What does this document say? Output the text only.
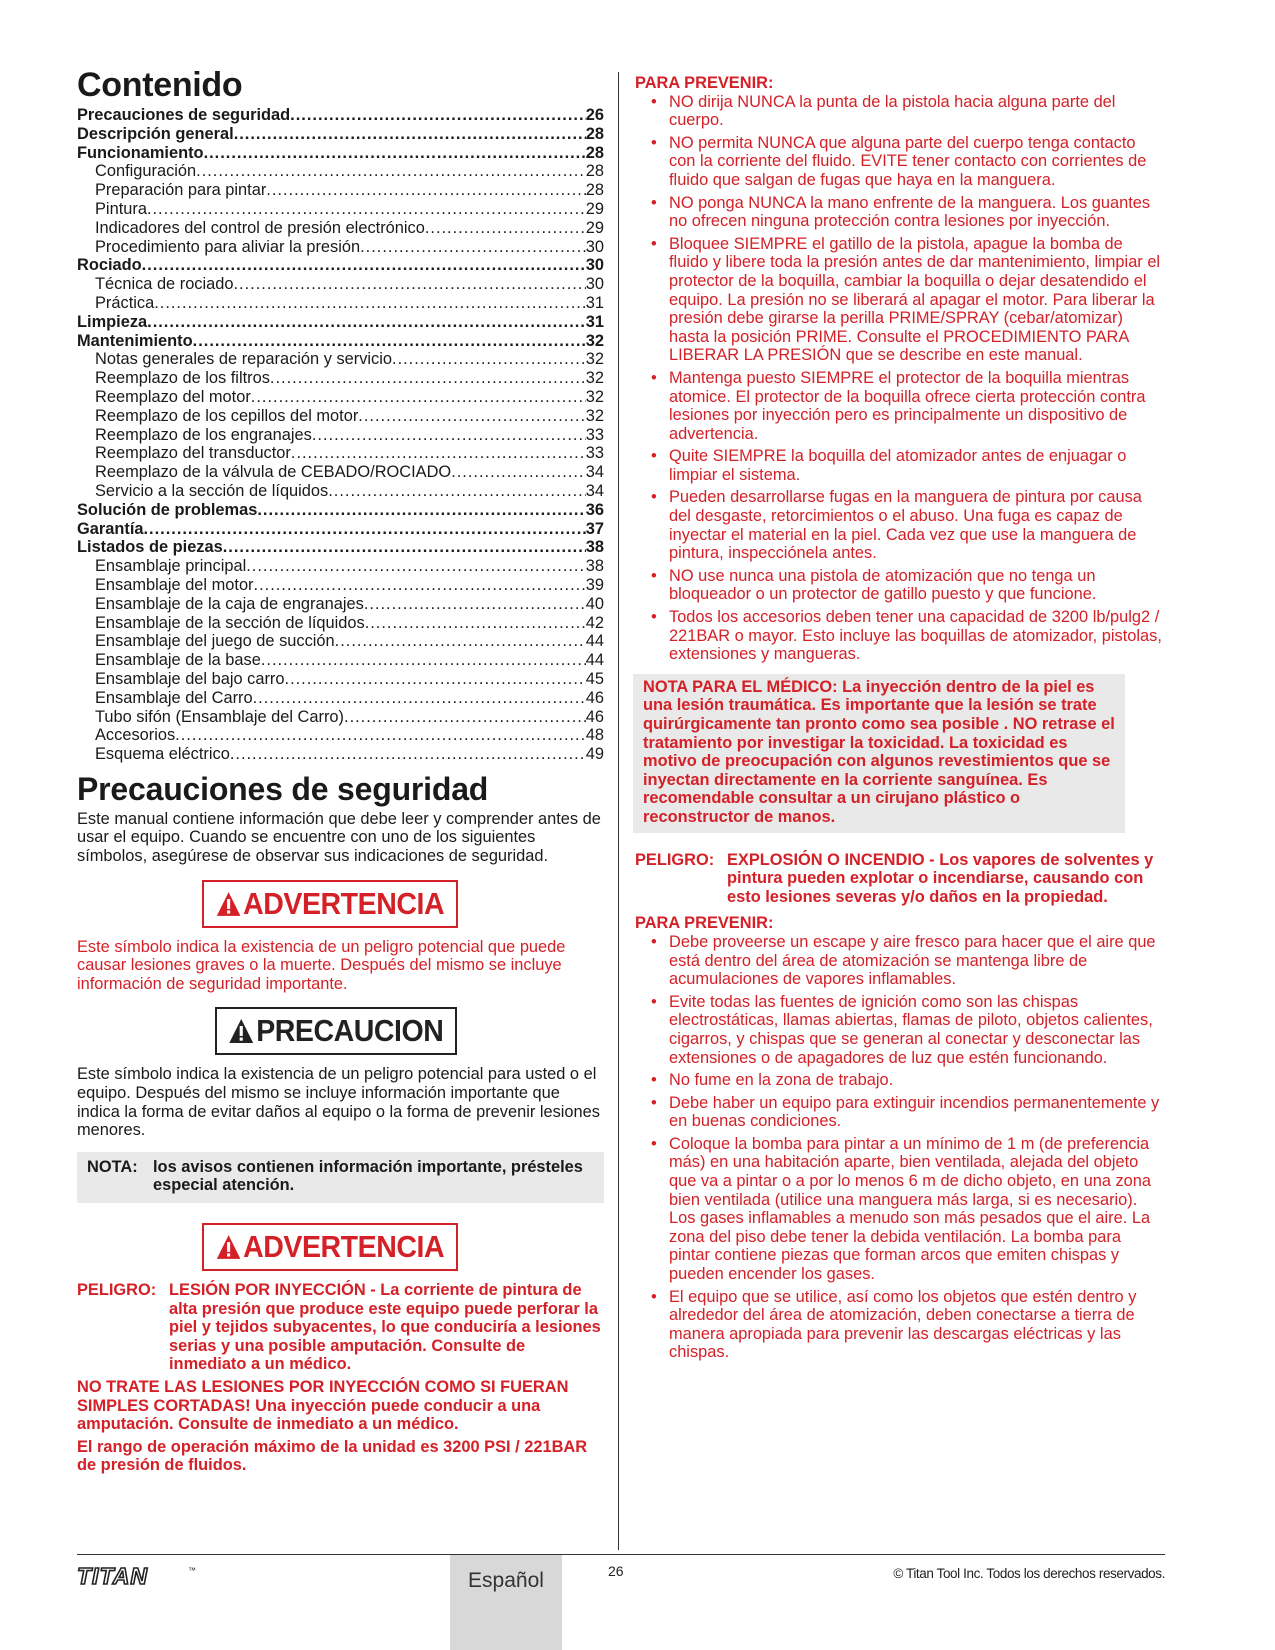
Contenido
Precauciones de seguridad .....	26
Descripción general .....	28
Funcionamiento .....	28
Configuración .....	28
Preparación para pintar .....	28
Pintura .....	29
Indicadores del control de presión electrónico .....	29
Procedimiento para aliviar la presión .....	30
Rociado .....	30
Técnica de rociado .....	30
Práctica .....	31
Limpieza .....	31
Mantenimiento .....	32
Notas generales de reparación y servicio .....	32
Reemplazo de los filtros .....	32
Reemplazo del motor .....	32
Reemplazo de los cepillos del motor .....	32
Reemplazo de los engranajes .....	33
Reemplazo del transductor .....	33
Reemplazo de la válvula de CEBADO/ROCIADO .....	34
Servicio a la sección de líquidos .....	34
Solución de problemas .....	36
Garantía .....	37
Listados de piezas .....	38
Ensamblaje principal .....	38
Ensamblaje del motor .....	39
Ensamblaje de la caja de engranajes .....	40
Ensamblaje de la sección de líquidos .....	42
Ensamblaje del juego de succión .....	44
Ensamblaje de la base .....	44
Ensamblaje del bajo carro .....	45
Ensamblaje del Carro .....	46
Tubo sifón (Ensamblaje del Carro) .....	46
Accesorios .....	48
Esquema eléctrico .....	49
Precauciones de seguridad

Este manual contiene información que debe leer y comprender antes de usar el equipo. Cuando se encuentre con uno de los siguientes símbolos, asegúrese de observar sus indicaciones de seguridad.

ADVERTENCIA

Este símbolo indica la existencia de un peligro potencial que puede causar lesiones graves o la muerte. Después del mismo se incluye información de seguridad importante.

PRECAUCION

Este símbolo indica la existencia de un peligro potencial para usted o el equipo. Después del mismo se incluye información importante que indica la forma de evitar daños al equipo o la forma de prevenir lesiones menores.

NOTA: los avisos contienen información importante, présteles especial atención.
ADVERTENCIA
PELIGRO: LESIÓN POR INYECCIÓN - La corriente de pintura de alta presión que produce este equipo puede perforar la piel y tejidos subyacentes, lo que conduciría a lesiones serias y una posible amputación. Consulte de inmediato a un médico.

NO TRATE LAS LESIONES POR INYECCIÓN COMO SI FUERAN SIMPLES CORTADAS! Una inyección puede conducir a una amputación. Consulte de inmediato a un médico.

El rango de operación máximo de la unidad es 3200 PSI / 221BAR de presión de fluidos.

PARA PREVENIR:

• NO dirija NUNCA la punta de la pistola hacia alguna parte del cuerpo.
• NO permita NUNCA que alguna parte del cuerpo tenga contacto con la corriente del fluido. EVITE tener contacto con corrientes de fluido que salgan de fugas que haya en la manguera.
• NO ponga NUNCA la mano enfrente de la manguera. Los guantes no ofrecen ninguna protección contra lesiones por inyección.
• Bloquee SIEMPRE el gatillo de la pistola, apague la bomba de fluido y libere toda la presión antes de dar mantenimiento, limpiar el protector de la boquilla, cambiar la boquilla o dejar desatendido el equipo. La presión no se liberará al apagar el motor. Para liberar la presión debe girarse la perilla PRIME/SPRAY (cebar/atomizar) hasta la posición PRIME. Consulte el PROCEDIMIENTO PARA LIBERAR LA PRESIÓN que se describe en este manual.
• Mantenga puesto SIEMPRE el protector de la boquilla mientras atomice. El protector de la boquilla ofrece cierta protección contra lesiones por inyección pero es principalmente un dispositivo de advertencia.
• Quite SIEMPRE la boquilla del atomizador antes de enjuagar o limpiar el sistema.
• Pueden desarrollarse fugas en la manguera de pintura por causa del desgaste, retorcimientos o el abuso. Una fuga es capaz de inyectar el material en la piel. Cada vez que use la manguera de pintura, inspecciónela antes.
• NO use nunca una pistola de atomización que no tenga un bloqueador o un protector de gatillo puesto y que funcione.
• Todos los accesorios deben tener una capacidad de 3200 lb/pulg2 / 221BAR o mayor. Esto incluye las boquillas de atomizador, pistolas, extensiones y mangueras.
NOTA PARA EL MÉDICO: La inyección dentro de la piel es una lesión traumática. Es importante que la lesión se trate quirúrgicamente tan pronto como sea posible . NO retrase el tratamiento por investigar la toxicidad. La toxicidad es motivo de preocupación con algunos revestimientos que se inyectan directamente en la corriente sanguínea. Es recomendable consultar a un cirujano plástico o reconstructor de manos.
PELIGRO: EXPLOSIÓN O INCENDIO - Los vapores de solventes y pintura pueden explotar o incendiarse, causando con esto lesiones severas y/o daños en la propiedad.

PARA PREVENIR:

• Debe proveerse un escape y aire fresco para hacer que el aire que está dentro del área de atomización se mantenga libre de acumulaciones de vapores inflamables.
• Evite todas las fuentes de ignición como son las chispas electrostáticas, llamas abiertas, flamas de piloto, objetos calientes, cigarros, y chispas que se generan al conectar y desconectar las extensiones o de apagadores de luz que estén funcionando.
• No fume en la zona de trabajo.
• Debe haber un equipo para extinguir incendios permanentemente y en buenas condiciones.
• Coloque la bomba para pintar a un mínimo de 1 m (de preferencia más) en una habitación aparte, bien ventilada, alejada del objeto que va a pintar o a por lo menos 6 m de dicho objeto, en una zona bien ventilada (utilice una manguera más larga, si es necesario). Los gases inflamables a menudo son más pesados que el aire. La zona del piso debe tener la debida ventilación. La bomba para pintar contiene piezas que forman arcos que emiten chispas y pueden encender los gases.
• El equipo que se utilice, así como los objetos que estén dentro y alrededor del área de atomización, deben conectarse a tierra de manera apropiada para prevenir las descargas eléctricas y las chispas.
TITAN	™	Español	26	© Titan Tool Inc. Todos los derechos reservados.
